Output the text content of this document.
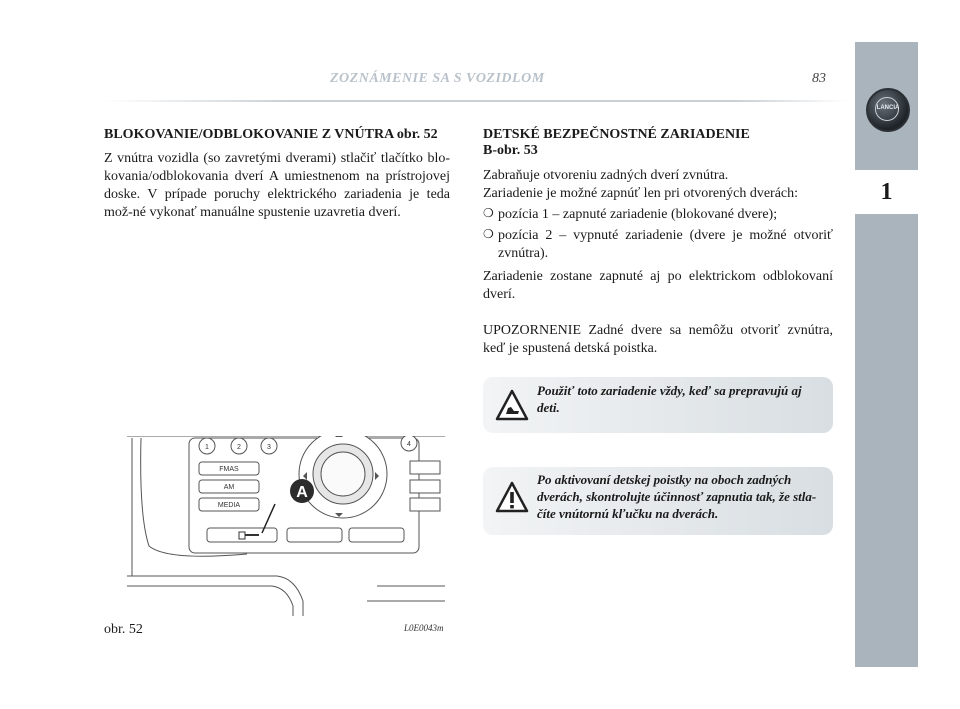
ZOZNÁMENIE SA S VOZIDLOM	83
LANCIA
1
BLOKOVANIE/ODBLOKOVANIE Z VNÚTRA obr. 52

Z vnútra vozidla (so zavretými dverami) stlačiť tlačítko blo-kovania/odblokovania dverí A umiestnenom na prístrojovej doske. V prípade poruchy elektrického zariadenia je teda mož-né vykonať manuálne spustenie uzavretia dverí.

DETSKÉ BEZPEČNOSTNÉ ZARIADENIE
B-obr. 53

Zabraňuje otvoreniu zadných dverí zvnútra.

Zariadenie je možné zapnúť len pri otvorených dverách:

❍ pozícia 1 – zapnuté zariadenie (blokované dvere);

❍ pozícia 2 – vypnuté zariadenie (dvere je možné otvoriť zvnútra).

Zariadenie zostane zapnuté aj po elektrickom odblokovaní dverí.

UPOZORNENIE Zadné dvere sa nemôžu otvoriť zvnútra, keď je spustená detská poistka.

Použiť toto zariadenie vždy, keď sa prepravujú aj deti.
Po aktivovaní detskej poistky na oboch zadných dverách, skontrolujte účinnosť zapnutia tak, že stla-číte vnútornú kľučku na dverách.
1	2	3	4
FMAS
AM
MEDIA
A
obr. 52	L0E0043m
